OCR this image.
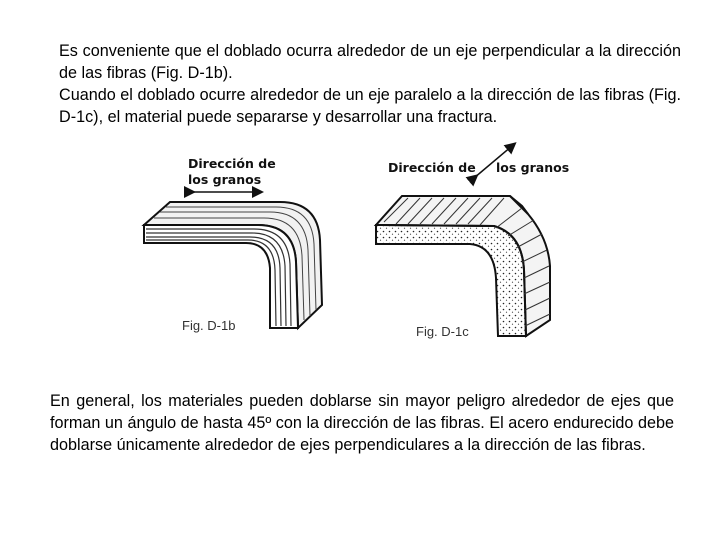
Es conveniente que el doblado ocurra alrededor de un eje perpendicular a la dirección de las fibras (Fig. D-1b).
Cuando el doblado ocurre alrededor de un eje paralelo a la dirección de las fibras (Fig. D-1c), el material puede separarse y desarrollar una fractura.
Dirección de
los granos
Fig. D-1b
Dirección de los granos
Fig. D-1c

En general, los materiales pueden doblarse sin mayor peligro alrededor de ejes que forman un ángulo de hasta 45º con la dirección de las fibras. El acero endurecido debe doblarse únicamente alrededor de ejes perpendiculares a la dirección de las fibras.
